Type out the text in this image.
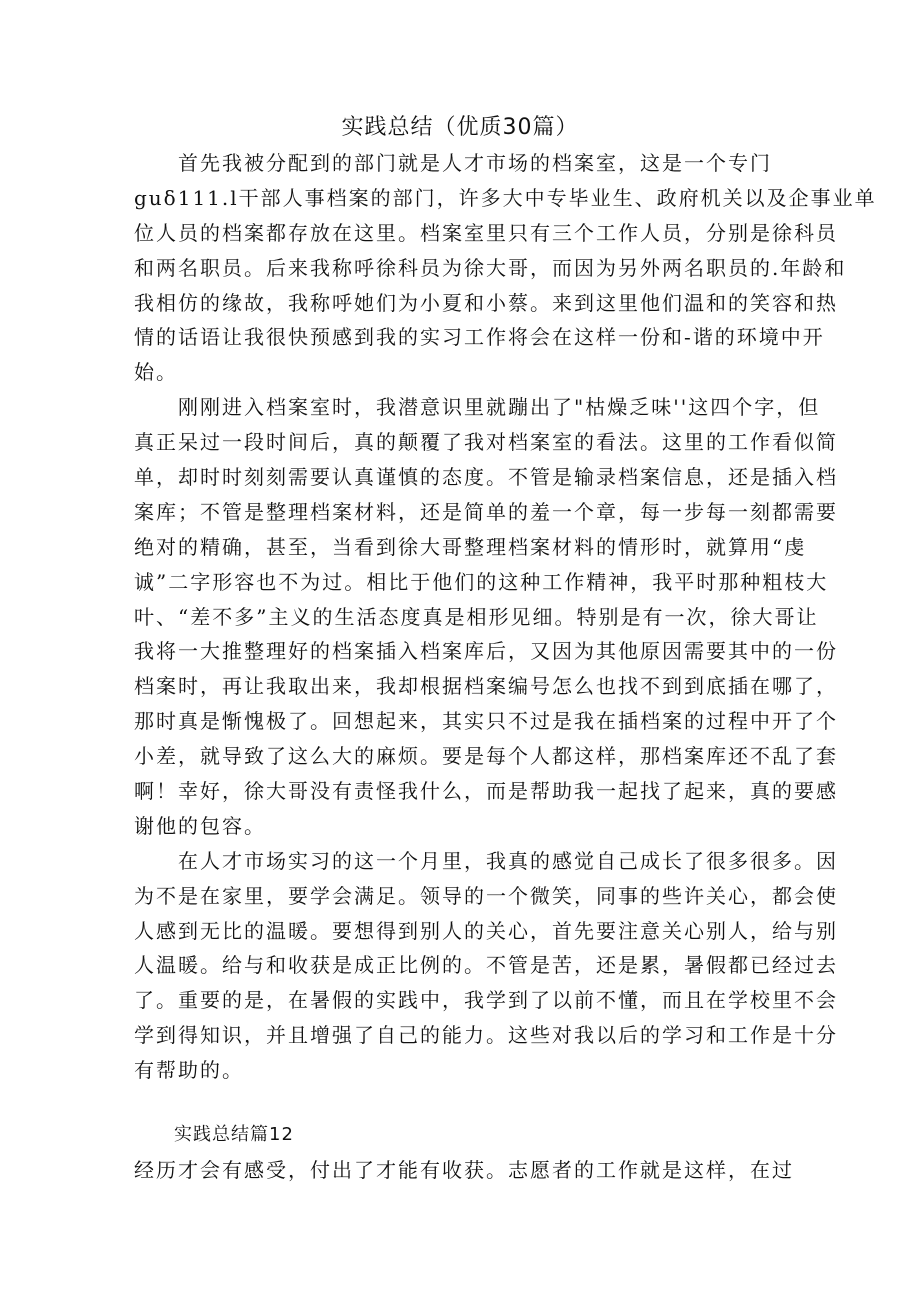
实践总结（优质30篇）
首先我被分配到的部门就是人才市场的档案室，这是一个专门
guδ111.l干部人事档案的部门，许多大中专毕业生、政府机关以及企事业单
位人员的档案都存放在这里。档案室里只有三个工作人员，分别是徐科员
和两名职员。后来我称呼徐科员为徐大哥，而因为另外两名职员的.年龄和
我相仿的缘故，我称呼她们为小夏和小蔡。来到这里他们温和的笑容和热
情的话语让我很快预感到我的实习工作将会在这样一份和-谐的环境中开
始。
刚刚进入档案室时，我潜意识里就蹦出了"枯燥乏味''这四个字，但
真正呆过一段时间后，真的颠覆了我对档案室的看法。这里的工作看似简
单，却时时刻刻需要认真谨慎的态度。不管是输录档案信息，还是插入档
案库；不管是整理档案材料，还是简单的羞一个章，每一步每一刻都需要
绝对的精确，甚至，当看到徐大哥整理档案材料的情形时，就算用“虔
诚”二字形容也不为过。相比于他们的这种工作精神，我平时那种粗枝大
叶、“差不多”主义的生活态度真是相形见细。特别是有一次，徐大哥让
我将一大推整理好的档案插入档案库后，又因为其他原因需要其中的一份
档案时，再让我取出来，我却根据档案编号怎么也找不到到底插在哪了，
那时真是惭愧极了。回想起来，其实只不过是我在插档案的过程中开了个
小差，就导致了这么大的麻烦。要是每个人都这样，那档案库还不乱了套
啊！幸好，徐大哥没有责怪我什么，而是帮助我一起找了起来，真的要感
谢他的包容。
在人才市场实习的这一个月里，我真的感觉自己成长了很多很多。因
为不是在家里，要学会满足。领导的一个微笑，同事的些许关心，都会使
人感到无比的温暖。要想得到别人的关心，首先要注意关心别人，给与别
人温暖。给与和收获是成正比例的。不管是苦，还是累，暑假都已经过去
了。重要的是，在暑假的实践中，我学到了以前不懂，而且在学校里不会
学到得知识，并且增强了自己的能力。这些对我以后的学习和工作是十分
有帮助的。
实践总结篇12
经历才会有感受，付出了才能有收获。志愿者的工作就是这样，在过
